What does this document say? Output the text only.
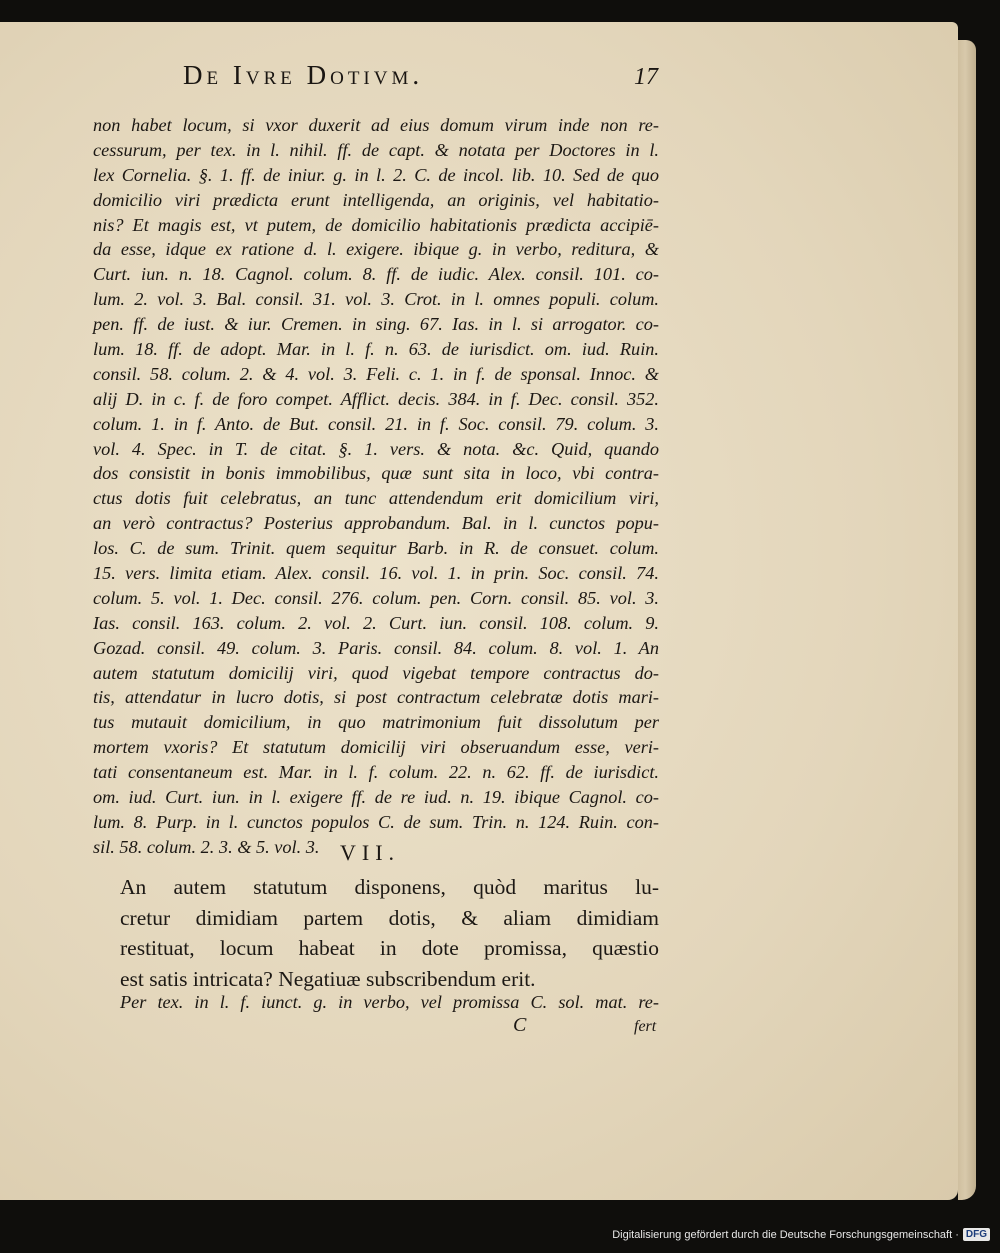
De Ivre Dotivm.	17
non habet locum, si vxor duxerit ad eius domum virum inde non re-
cessurum, per tex. in l. nihil. ff. de capt. & notata per Doctores in l.
lex Cornelia. §. 1. ff. de iniur. g. in l. 2. C. de incol. lib. 10. Sed de quo
domicilio viri prædicta erunt intelligenda, an originis, vel habitatio-
nis? Et magis est, vt putem, de domicilio habitationis prædicta accipiē-
da esse, idque ex ratione d. l. exigere. ibique g. in verbo, reditura, &
Curt. iun. n. 18. Cagnol. colum. 8. ff. de iudic. Alex. consil. 101. co-
lum. 2. vol. 3. Bal. consil. 31. vol. 3. Crot. in l. omnes populi. colum.
pen. ff. de iust. & iur. Cremen. in sing. 67. Ias. in l. si arrogator. co-
lum. 18. ff. de adopt. Mar. in l. f. n. 63. de iurisdict. om. iud. Ruin.
consil. 58. colum. 2. & 4. vol. 3. Feli. c. 1. in f. de sponsal. Innoc. &
alij D. in c. f. de foro compet. Afflict. decis. 384. in f. Dec. consil. 352.
colum. 1. in f. Anto. de But. consil. 21. in f. Soc. consil. 79. colum. 3.
vol. 4. Spec. in T. de citat. §. 1. vers. & nota. &c. Quid, quando
dos consistit in bonis immobilibus, quæ sunt sita in loco, vbi contra-
ctus dotis fuit celebratus, an tunc attendendum erit domicilium viri,
an verò contractus? Posterius approbandum. Bal. in l. cunctos popu-
los. C. de sum. Trinit. quem sequitur Barb. in R. de consuet. colum.
15. vers. limita etiam. Alex. consil. 16. vol. 1. in prin. Soc. consil. 74.
colum. 5. vol. 1. Dec. consil. 276. colum. pen. Corn. consil. 85. vol. 3.
Ias. consil. 163. colum. 2. vol. 2. Curt. iun. consil. 108. colum. 9.
Gozad. consil. 49. colum. 3. Paris. consil. 84. colum. 8. vol. 1. An
autem statutum domicilij viri, quod vigebat tempore contractus do-
tis, attendatur in lucro dotis, si post contractum celebratæ dotis mari-
tus mutauit domicilium, in quo matrimonium fuit dissolutum per
mortem vxoris? Et statutum domicilij viri obseruandum esse, veri-
tati consentaneum est. Mar. in l. f. colum. 22. n. 62. ff. de iurisdict.
om. iud. Curt. iun. in l. exigere ff. de re iud. n. 19. ibique Cagnol. co-
lum. 8. Purp. in l. cunctos populos C. de sum. Trin. n. 124. Ruin. con-
sil. 58. colum. 2. 3. & 5. vol. 3. VII.
An autem statutum disponens, quòd maritus lu-
cretur dimidiam partem dotis, & aliam dimidiam
restituat, locum habeat in dote promissa, quæstio
est satis intricata? Negatiuæ subscribendum erit.
Per tex. in l. f. iunct. g. in verbo, vel promissa C. sol. mat. re-
C	fert
Digitalisierung gefördert durch die Deutsche Forschungsgemeinschaft · DFG
